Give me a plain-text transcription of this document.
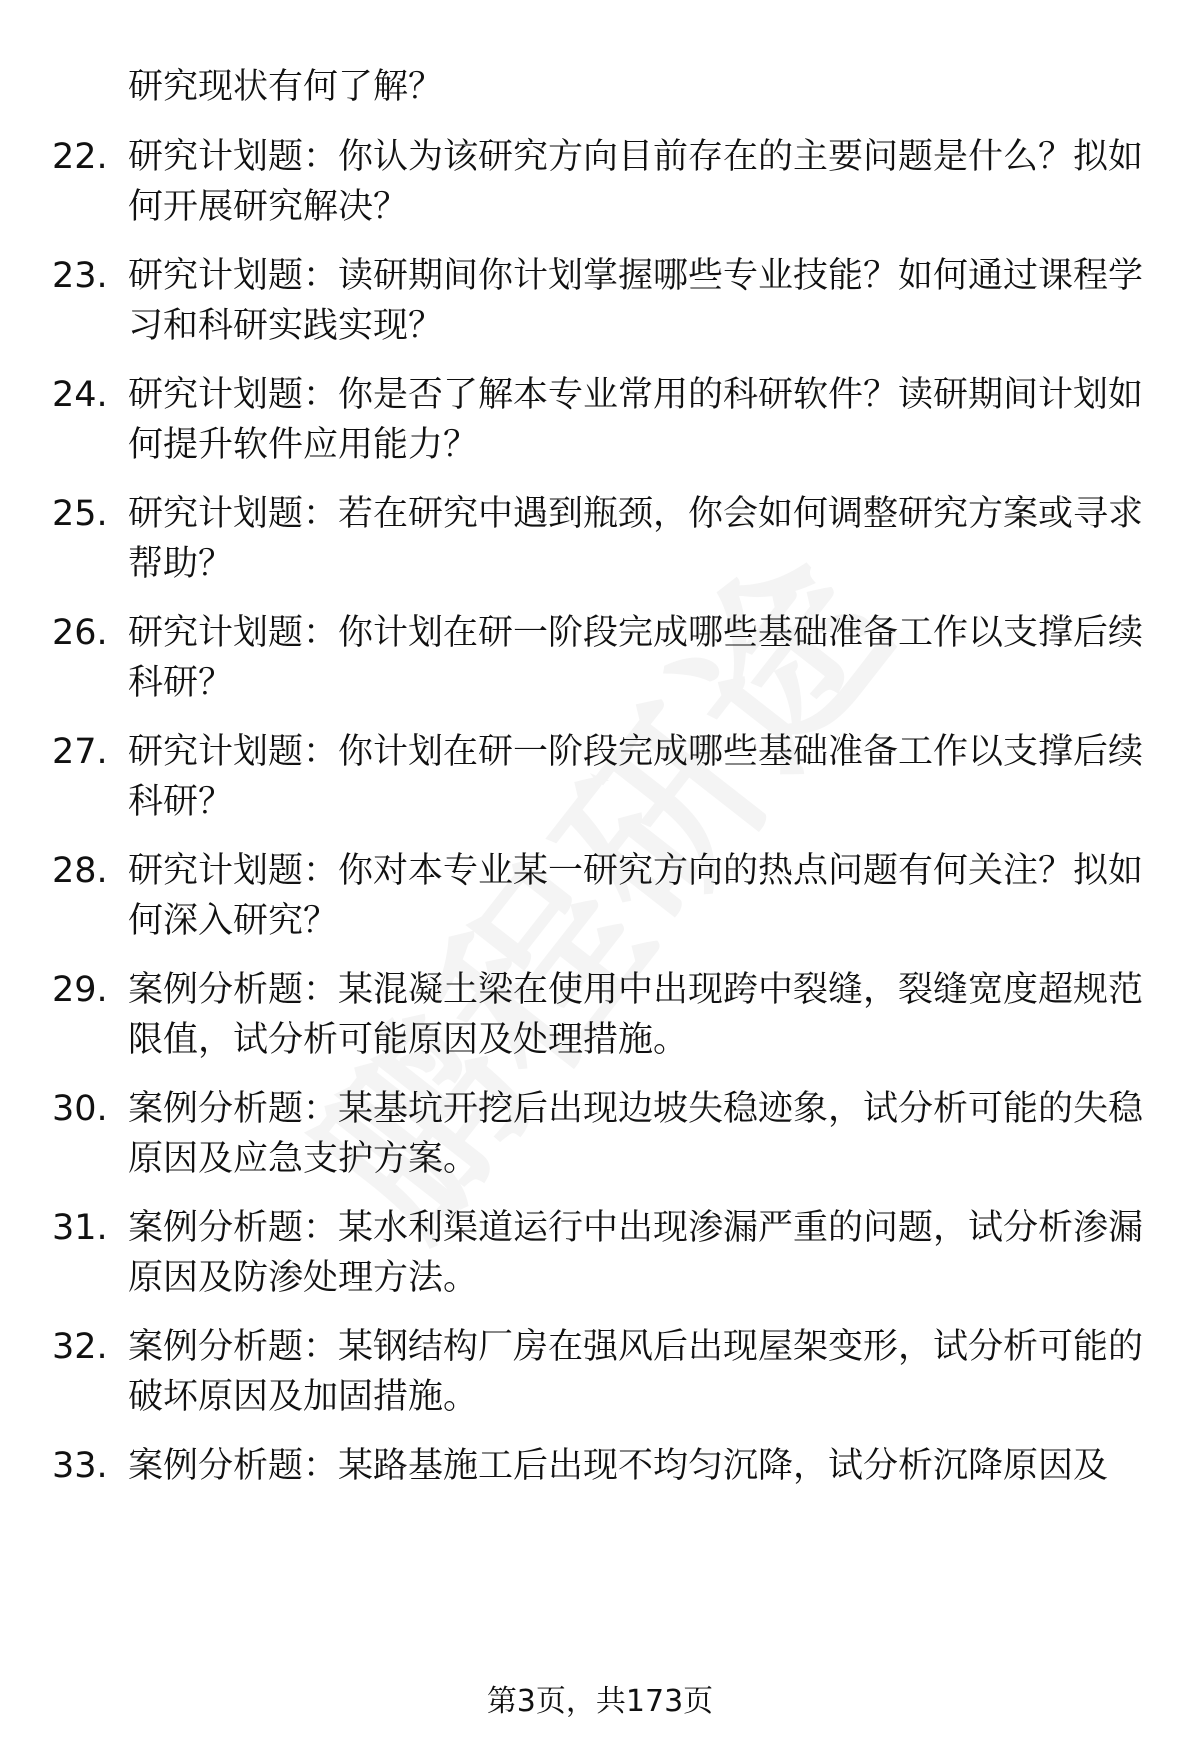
研究现状有何了解？

22. 研究计划题：你认为该研究方向目前存在的主要问题是什么？拟如何开展研究解决？

23. 研究计划题：读研期间你计划掌握哪些专业技能？如何通过课程学习和科研实践实现？

24. 研究计划题：你是否了解本专业常用的科研软件？读研期间计划如何提升软件应用能力？

25. 研究计划题：若在研究中遇到瓶颈，你会如何调整研究方案或寻求帮助？

26. 研究计划题：你计划在研一阶段完成哪些基础准备工作以支撑后续科研？

27. 研究计划题：你计划在研一阶段完成哪些基础准备工作以支撑后续科研？

28. 研究计划题：你对本专业某一研究方向的热点问题有何关注？拟如何深入研究？

29. 案例分析题：某混凝土梁在使用中出现跨中裂缝，裂缝宽度超规范限值，试分析可能原因及处理措施。

30. 案例分析题：某基坑开挖后出现边坡失稳迹象，试分析可能的失稳原因及应急支护方案。

31. 案例分析题：某水利渠道运行中出现渗漏严重的问题，试分析渗漏原因及防渗处理方法。

32. 案例分析题：某钢结构厂房在强风后出现屋架变形，试分析可能的破坏原因及加固措施。

33. 案例分析题：某路基施工后出现不均匀沉降，试分析沉降原因及

第3页，共173页
